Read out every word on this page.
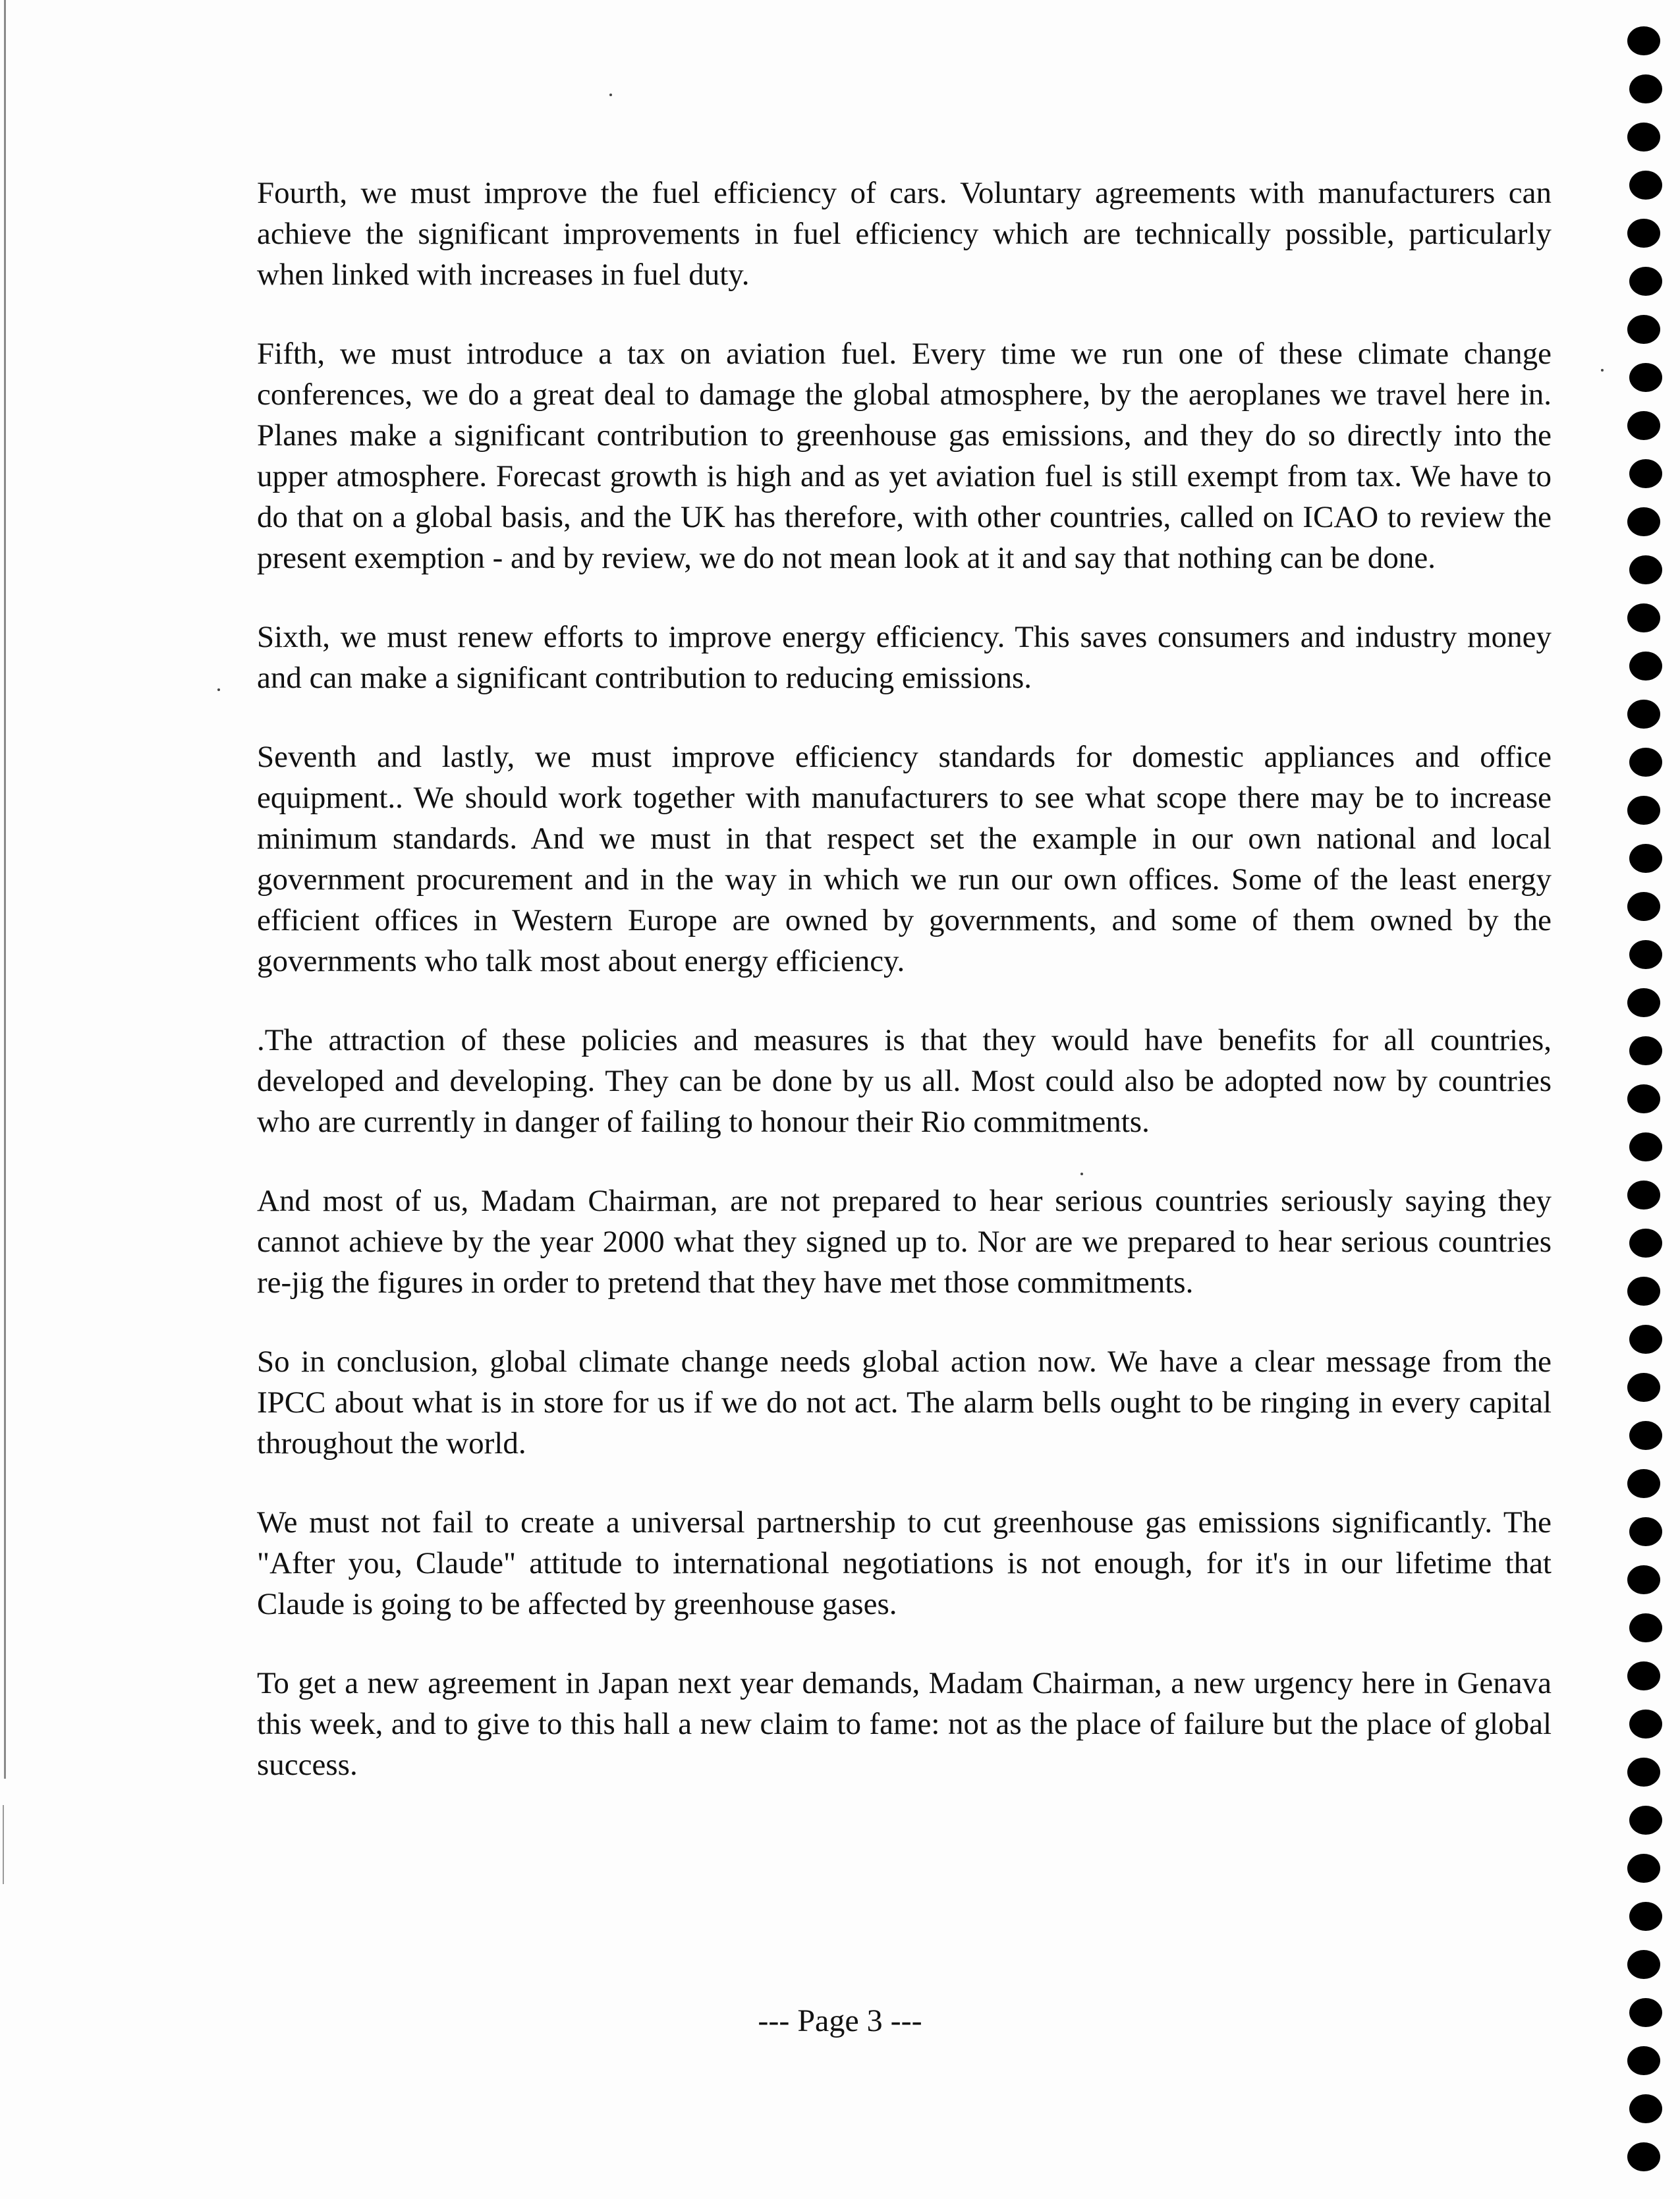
Fourth, we must improve the fuel efficiency of cars. Voluntary agreements with manufacturers can achieve the significant improvements in fuel efficiency which are technically possible, particularly when linked with increases in fuel duty.

Fifth, we must introduce a tax on aviation fuel. Every time we run one of these climate change conferences, we do a great deal to damage the global atmosphere, by the aeroplanes we travel here in. Planes make a significant contribution to greenhouse gas emissions, and they do so directly into the upper atmosphere. Forecast growth is high and as yet aviation fuel is still exempt from tax. We have to do that on a global basis, and the UK has therefore, with other countries, called on ICAO to review the present exemption - and by review, we do not mean look at it and say that nothing can be done.

Sixth, we must renew efforts to improve energy efficiency. This saves consumers and industry money and can make a significant contribution to reducing emissions.

Seventh and lastly, we must improve efficiency standards for domestic appliances and office equipment.. We should work together with manufacturers to see what scope there may be to increase minimum standards. And we must in that respect set the example in our own national and local government procurement and in the way in which we run our own offices. Some of the least energy efficient offices in Western Europe are owned by governments, and some of them owned by the governments who talk most about energy efficiency.

.The attraction of these policies and measures is that they would have benefits for all countries, developed and developing. They can be done by us all. Most could also be adopted now by countries who are currently in danger of failing to honour their Rio commitments.

And most of us, Madam Chairman, are not prepared to hear serious countries seriously saying they cannot achieve by the year 2000 what they signed up to. Nor are we prepared to hear serious countries re-jig the figures in order to pretend that they have met those commitments.

So in conclusion, global climate change needs global action now. We have a clear message from the IPCC about what is in store for us if we do not act. The alarm bells ought to be ringing in every capital throughout the world.

We must not fail to create a universal partnership to cut greenhouse gas emissions significantly. The "After you, Claude" attitude to international negotiations is not enough, for it's in our lifetime that Claude is going to be affected by greenhouse gases.

To get a new agreement in Japan next year demands, Madam Chairman, a new urgency here in Genava this week, and to give to this hall a new claim to fame: not as the place of failure but the place of global success.

--- Page 3 ---
